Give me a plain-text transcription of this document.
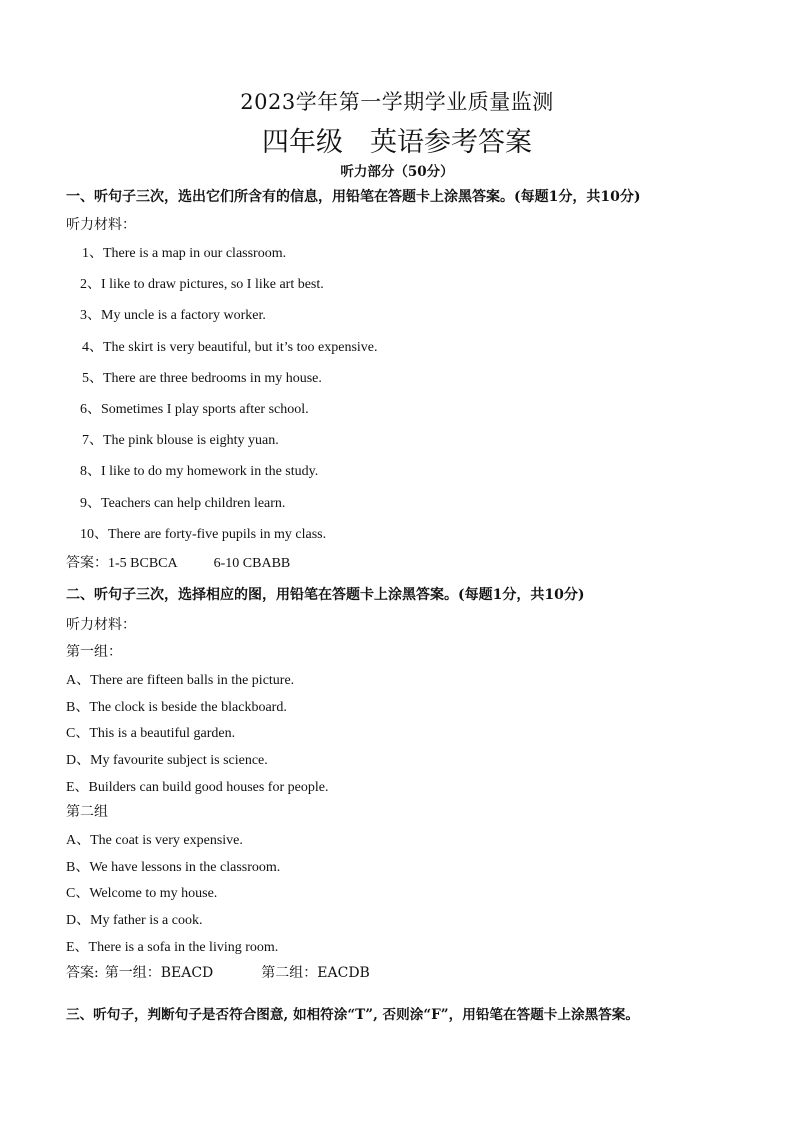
2023学年第一学期学业质量监测
四年级　英语参考答案
听力部分（50分）
一、听句子三次，选出它们所含有的信息，用铅笔在答题卡上涂黑答案。(每题1分，共10分)
听力材料：
1、There is a map in our classroom.
2、I like to draw pictures, so I like art best.
3、My uncle is a factory worker.
4、The skirt is very beautiful, but it’s too expensive.
5、There are three bedrooms in my house.
6、Sometimes I play sports after school.
7、The pink blouse is eighty yuan.
8、I like to do my homework in the study.
9、Teachers can help children learn.
10、There are forty-five pupils in my class.
答案：1-5 BCBCA	6-10 CBABB
二、听句子三次，选择相应的图，用铅笔在答题卡上涂黑答案。(每题1分，共10分)
听力材料：
第一组：
A、There are fifteen balls in the picture.
B、The clock is beside the blackboard.
C、This is a beautiful garden.
D、My favourite subject is science.
E、Builders can build good houses for people.
第二组
A、The coat is very expensive.
B、We have lessons in the classroom.
C、Welcome to my house.
D、My father is a cook.
E、There is a sofa in the living room.
答案: 第一组：BEACD	第二组：EACDB
三、听句子，判断句子是否符合图意, 如相符涂“T”, 否则涂“F”，用铅笔在答题卡上涂黑答案。
